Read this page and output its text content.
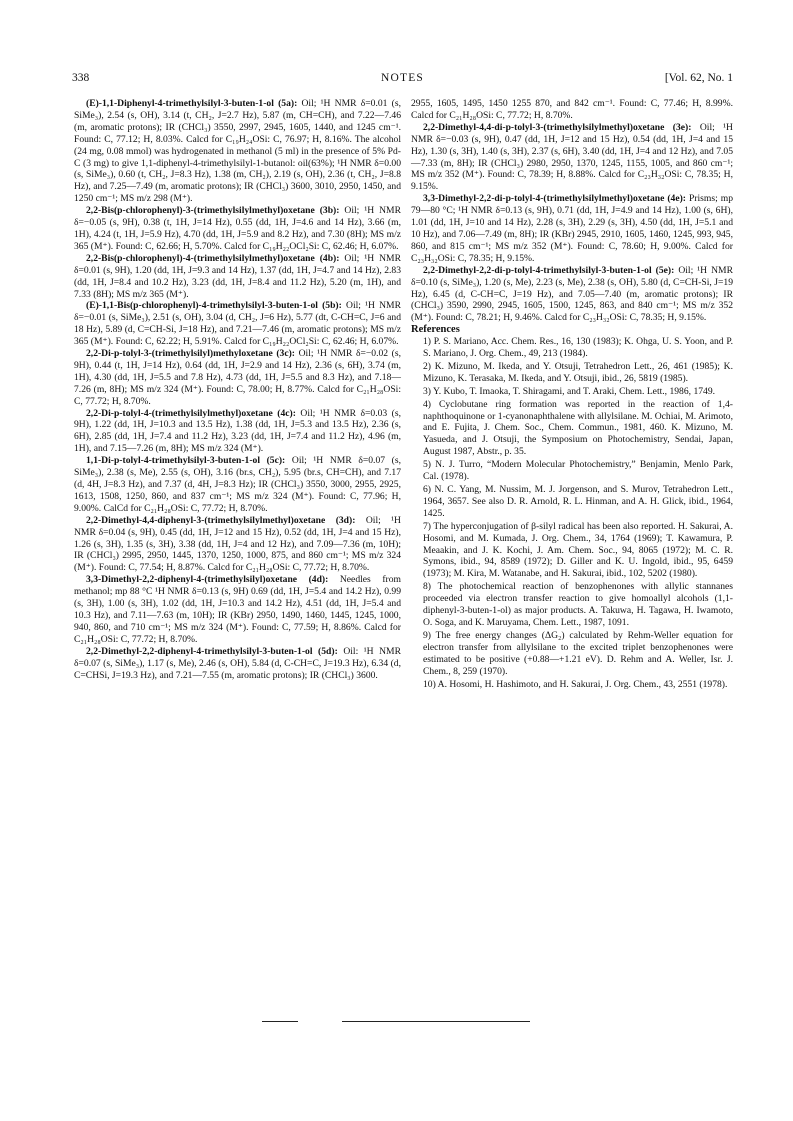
338	NOTES	[Vol. 62, No. 1

(E)-1,1-Diphenyl-4-trimethylsilyl-3-buten-1-ol (5a): Oil; ¹H NMR δ=0.01 (s, SiMe₃), 2.54 (s, OH), 3.14 (t, CH₂, J=2.7 Hz), 5.87 (m, CH=CH), and 7.22—7.46 (m, aromatic protons); IR (CHCl₃) 3550, 2997, 2945, 1605, 1440, and 1245 cm⁻¹. Found: C, 77.12; H, 8.03%. Calcd for C₁₉H₂₄OSi: C, 76.97; H, 8.16%. The alcohol (24 mg, 0.08 mmol) was hydrogenated in methanol (5 ml) in the presence of 5% Pd-C (3 mg) to give 1,1-diphenyl-4-trimethylsilyl-1-butanol: oil(63%); ¹H NMR δ=0.00 (s, SiMe₃), 0.60 (t, CH₂, J=8.3 Hz), 1.38 (m, CH₂), 2.19 (s, OH), 2.36 (t, CH₂, J=8.8 Hz), and 7.25—7.49 (m, aromatic protons); IR (CHCl₃) 3600, 3010, 2950, 1450, and 1250 cm⁻¹; MS m/z 298 (M⁺).

2,2-Bis(p-chlorophenyl)-3-(trimethylsilylmethyl)oxetane (3b): Oil; ¹H NMR δ=−0.05 (s, 9H), 0.38 (t, 1H, J=14 Hz), 0.55 (dd, 1H, J=4.6 and 14 Hz), 3.66 (m, 1H), 4.24 (t, 1H, J=5.9 Hz), 4.70 (dd, 1H, J=5.9 and 8.2 Hz), and 7.30 (8H); MS m/z 365 (M⁺). Found: C, 62.66; H, 5.70%. Calcd for C₁₉H₂₂OCl₂Si: C, 62.46; H, 6.07%.

2,2-Bis(p-chlorophenyl)-4-(trimethylsilylmethyl)oxetane (4b): Oil; ¹H NMR δ=0.01 (s, 9H), 1.20 (dd, 1H, J=9.3 and 14 Hz), 1.37 (dd, 1H, J=4.7 and 14 Hz), 2.83 (dd, 1H, J=8.4 and 10.2 Hz), 3.23 (dd, 1H, J=8.4 and 11.2 Hz), 5.20 (m, 1H), and 7.33 (8H); MS m/z 365 (M⁺).

(E)-1,1-Bis(p-chlorophenyl)-4-trimethylsilyl-3-buten-1-ol (5b): Oil; ¹H NMR δ=−0.01 (s, SiMe₃), 2.51 (s, OH), 3.04 (d, CH₂, J=6 Hz), 5.77 (dt, C-CH=C, J=6 and 18 Hz), 5.89 (d, C=CH-Si, J=18 Hz), and 7.21—7.46 (m, aromatic protons); MS m/z 365 (M⁺). Found: C, 62.22; H, 5.91%. Calcd for C₁₉H₂₂OCl₂Si: C, 62.46; H, 6.07%.

2,2-Di-p-tolyl-3-(trimethylsilyl)methyloxetane (3c): Oil; ¹H NMR δ=−0.02 (s, 9H), 0.44 (t, 1H, J=14 Hz), 0.64 (dd, 1H, J=2.9 and 14 Hz), 2.36 (s, 6H), 3.74 (m, 1H), 4.30 (dd, 1H, J=5.5 and 7.8 Hz), 4.73 (dd, 1H, J=5.5 and 8.3 Hz), and 7.18—7.26 (m, 8H); MS m/z 324 (M⁺). Found: C, 78.00; H, 8.77%. Calcd for C₂₁H₂₈OSi: C, 77.72; H, 8.70%.

2,2-Di-p-tolyl-4-(trimethylsilylmethyl)oxetane (4c): Oil; ¹H NMR δ=0.03 (s, 9H), 1.22 (dd, 1H, J=10.3 and 13.5 Hz), 1.38 (dd, 1H, J=5.3 and 13.5 Hz), 2.36 (s, 6H), 2.85 (dd, 1H, J=7.4 and 11.2 Hz), 3.23 (dd, 1H, J=7.4 and 11.2 Hz), 4.96 (m, 1H), and 7.15—7.26 (m, 8H); MS m/z 324 (M⁺).

1,1-Di-p-tolyl-4-trimethylsilyl-3-buten-1-ol (5c): Oil; ¹H NMR δ=0.07 (s, SiMe₃), 2.38 (s, Me), 2.55 (s, OH), 3.16 (br.s, CH₂), 5.95 (br.s, CH=CH), and 7.17 (d, 4H, J=8.3 Hz), and 7.37 (d, 4H, J=8.3 Hz); IR (CHCl₃) 3550, 3000, 2955, 2925, 1613, 1508, 1250, 860, and 837 cm⁻¹; MS m/z 324 (M⁺). Found: C, 77.96; H, 9.00%. CalCd for C₂₁H₂₈OSi: C, 77.72; H, 8.70%.

2,2-Dimethyl-4,4-diphenyl-3-(trimethylsilylmethyl)oxetane (3d): Oil; ¹H NMR δ=0.04 (s, 9H), 0.45 (dd, 1H, J=12 and 15 Hz), 0.52 (dd, 1H, J=4 and 15 Hz), 1.26 (s, 3H), 1.35 (s, 3H), 3.38 (dd, 1H, J=4 and 12 Hz), and 7.09—7.36 (m, 10H); IR (CHCl₃) 2995, 2950, 1445, 1370, 1250, 1000, 875, and 860 cm⁻¹; MS m/z 324 (M⁺). Found: C, 77.54; H, 8.87%. Calcd for C₂₁H₂₈OSi: C, 77.72; H, 8.70%.

3,3-Dimethyl-2,2-diphenyl-4-(trimethylsilyl)oxetane (4d): Needles from methanol; mp 88 °C ¹H NMR δ=0.13 (s, 9H) 0.69 (dd, 1H, J=5.4 and 14.2 Hz), 0.99 (s, 3H), 1.00 (s, 3H), 1.02 (dd, 1H, J=10.3 and 14.2 Hz), 4.51 (dd, 1H, J=5.4 and 10.3 Hz), and 7.11—7.63 (m, 10H); IR (KBr) 2950, 1490, 1460, 1445, 1245, 1000, 940, 860, and 710 cm⁻¹; MS m/z 324 (M⁺). Found: C, 77.59; H, 8.86%. Calcd for C₂₁H₂₈OSi: C, 77.72; H, 8.70%.

2,2-Dimethyl-2,2-diphenyl-4-trimethylsilyl-3-buten-1-ol (5d): Oil: ¹H NMR δ=0.07 (s, SiMe₃), 1.17 (s, Me), 2.46 (s, OH), 5.84 (d, C-CH=C, J=19.3 Hz), 6.34 (d, C=CHSi, J=19.3 Hz), and 7.21—7.55 (m, aromatic protons); IR (CHCl₃) 3600.

2955, 1605, 1495, 1450 1255 870, and 842 cm⁻¹. Found: C, 77.46; H, 8.99%. Calcd for C₂₁H₂₈OSi: C, 77.72; H, 8.70%.

2,2-Dimethyl-4,4-di-p-tolyl-3-(trimethylsilylmethyl)oxetane (3e): Oil; ¹H NMR δ=−0.03 (s, 9H), 0.47 (dd, 1H, J=12 and 15 Hz), 0.54 (dd, 1H, J=4 and 15 Hz), 1.30 (s, 3H), 1.40 (s, 3H), 2.37 (s, 6H), 3.40 (dd, 1H, J=4 and 12 Hz), and 7.05—7.33 (m, 8H); IR (CHCl₃) 2980, 2950, 1370, 1245, 1155, 1005, and 860 cm⁻¹; MS m/z 352 (M⁺). Found: C, 78.39; H, 8.88%. Calcd for C₂₃H₃₂OSi: C, 78.35; H, 9.15%.

3,3-Dimethyl-2,2-di-p-tolyl-4-(trimethylsilylmethyl)oxetane (4e): Prisms; mp 79—80 °C; ¹H NMR δ=0.13 (s, 9H), 0.71 (dd, 1H, J=4.9 and 14 Hz), 1.00 (s, 6H), 1.01 (dd, 1H, J=10 and 14 Hz), 2.28 (s, 3H), 2.29 (s, 3H), 4.50 (dd, 1H, J=5.1 and 10 Hz), and 7.06—7.49 (m, 8H); IR (KBr) 2945, 2910, 1605, 1460, 1245, 993, 945, 860, and 815 cm⁻¹; MS m/z 352 (M⁺). Found: C, 78.60; H, 9.00%. Calcd for C₂₃H₃₂OSi: C, 78.35; H, 9.15%.

2,2-Dimethyl-2,2-di-p-tolyl-4-trimethylsilyl-3-buten-1-ol (5e): Oil; ¹H NMR δ=0.10 (s, SiMe₃), 1.20 (s, Me), 2.23 (s, Me), 2.38 (s, OH), 5.80 (d, C=CH-Si, J=19 Hz), 6.45 (d, C-CH=C, J=19 Hz), and 7.05—7.40 (m, aromatic protons); IR (CHCl₃) 3590, 2990, 2945, 1605, 1500, 1245, 863, and 840 cm⁻¹; MS m/z 352 (M⁺). Found: C, 78.21; H, 9.46%. Calcd for C₂₃H₃₂OSi: C, 78.35; H, 9.15%.

References

1) P. S. Mariano, Acc. Chem. Res., 16, 130 (1983); K. Ohga, U. S. Yoon, and P. S. Mariano, J. Org. Chem., 49, 213 (1984).

2) K. Mizuno, M. Ikeda, and Y. Otsuji, Tetrahedron Lett., 26, 461 (1985); K. Mizuno, K. Terasaka, M. Ikeda, and Y. Otsuji, ibid., 26, 5819 (1985).

3) Y. Kubo, T. Imaoka, T. Shiragami, and T. Araki, Chem. Lett., 1986, 1749.

4) Cyclobutane ring formation was reported in the reaction of 1,4-naphthoquinone or 1-cyanonaphthalene with allylsilane. M. Ochiai, M. Arimoto, and E. Fujita, J. Chem. Soc., Chem. Commun., 1981, 460. K. Mizuno, M. Yasueda, and J. Otsuji, the Symposium on Photochemistry, Sendai, Japan, August 1987, Abstr., p. 35.

5) N. J. Turro, “Modern Molecular Photochemistry,” Benjamin, Menlo Park, Cal. (1978).

6) N. C. Yang, M. Nussim, M. J. Jorgenson, and S. Murov, Tetrahedron Lett., 1964, 3657. See also D. R. Arnold, R. L. Hinman, and A. H. Glick, ibid., 1964, 1425.

7) The hyperconjugation of β-silyl radical has been also reported. H. Sakurai, A. Hosomi, and M. Kumada, J. Org. Chem., 34, 1764 (1969); T. Kawamura, P. Meaakin, and J. K. Kochi, J. Am. Chem. Soc., 94, 8065 (1972); M. C. R. Symons, ibid., 94, 8589 (1972); D. Giller and K. U. Ingold, ibid., 95, 6459 (1973); M. Kira, M. Watanabe, and H. Sakurai, ibid., 102, 5202 (1980).

8) The photochemical reaction of benzophenones with allylic stannanes proceeded via electron transfer reaction to give homoallyl alcohols (1,1-diphenyl-3-buten-1-ol) as major products. A. Takuwa, H. Tagawa, H. Iwamoto, O. Soga, and K. Maruyama, Chem. Lett., 1987, 1091.

9) The free energy changes (ΔG₂) calculated by Rehm-Weller equation for electron transfer from allylsilane to the excited triplet benzophenones were estimated to be positive (+0.88—+1.21 eV). D. Rehm and A. Weller, Isr. J. Chem., 8, 259 (1970).

10) A. Hosomi, H. Hashimoto, and H. Sakurai, J. Org. Chem., 43, 2551 (1978).
